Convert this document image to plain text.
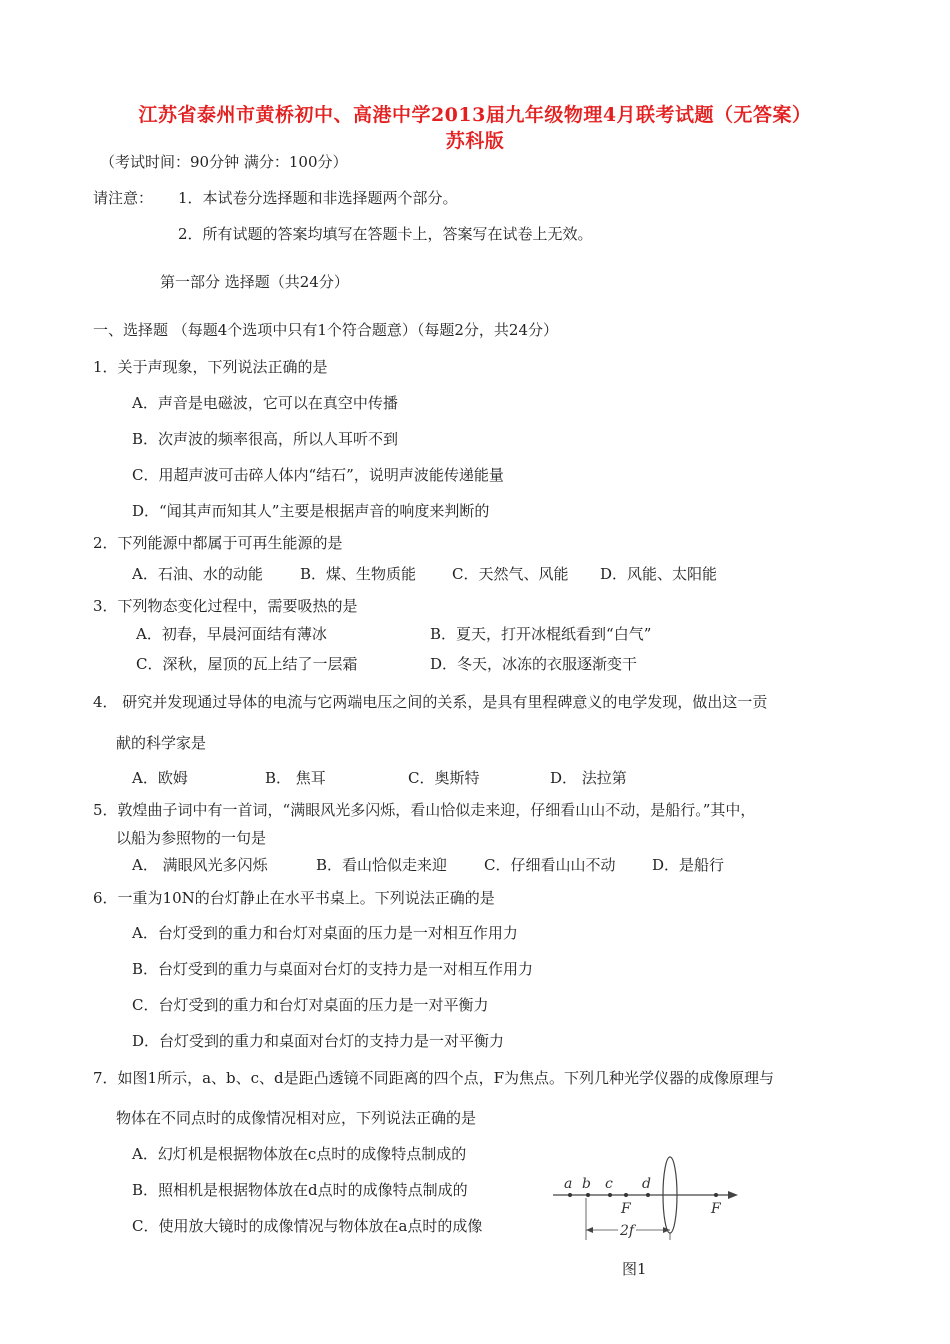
江苏省泰州市黄桥初中、高港中学2013届九年级物理4月联考试题（无答案）
苏科版
（考试时间：90分钟 满分：100分）
请注意： 1．本试卷分选择题和非选择题两个部分。
2．所有试题的答案均填写在答题卡上，答案写在试卷上无效。
第一部分 选择题（共24分）
一、选择题 （每题4个选项中只有1个符合题意）（每题2分，共24分）
1．关于声现象，下列说法正确的是
A．声音是电磁波，它可以在真空中传播
B．次声波的频率很高，所以人耳听不到
C．用超声波可击碎人体内“结石”，说明声波能传递能量
D．“闻其声而知其人”主要是根据声音的响度来判断的
2．下列能源中都属于可再生能源的是
A．石油、水的动能 B．煤、生物质能 C．天然气、风能 D．风能、太阳能
3．下列物态变化过程中，需要吸热的是
A．初春，早晨河面结有薄冰	B．夏天，打开冰棍纸看到“白气”
C．深秋，屋顶的瓦上结了一层霜	D．冬天，冰冻的衣服逐渐变干
4． 研究并发现通过导体的电流与它两端电压之间的关系，是具有里程碑意义的电学发现，做出这一贡
献的科学家是
A．欧姆	B． 焦耳	C．奥斯特	D． 法拉第
5．敦煌曲子词中有一首词，“满眼风光多闪烁，看山恰似走来迎，仔细看山山不动，是船行。”其中，
以船为参照物的一句是
A． 满眼风光多闪烁	B．看山恰似走来迎 C．仔细看山山不动 D．是船行
6．一重为10N的台灯静止在水平书桌上。下列说法正确的是
A．台灯受到的重力和台灯对桌面的压力是一对相互作用力
B．台灯受到的重力与桌面对台灯的支持力是一对相互作用力
C．台灯受到的重力和台灯对桌面的压力是一对平衡力
D．台灯受到的重力和桌面对台灯的支持力是一对平衡力
7．如图1所示，a、b、c、d是距凸透镜不同距离的四个点，F为焦点。下列几种光学仪器的成像原理与
物体在不同点时的成像情况相对应，下列说法正确的是
A．幻灯机是根据物体放在c点时的成像特点制成的
B．照相机是根据物体放在d点时的成像特点制成的
C．使用放大镜时的成像情况与物体放在a点时的成像
a b c d
F	F
2f
图1
